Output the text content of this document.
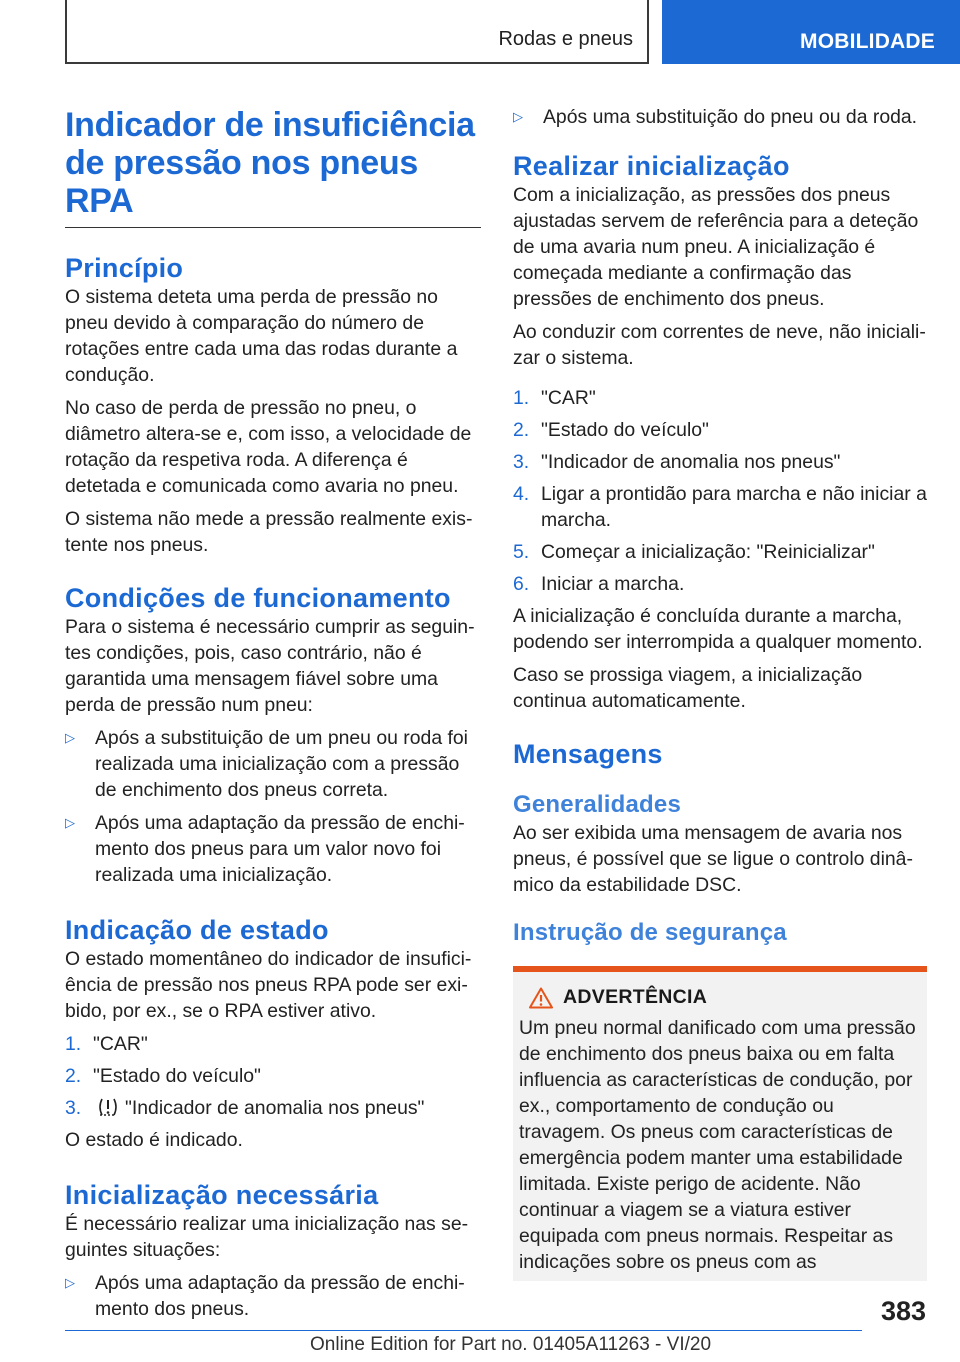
Rodas e pneus	MOBILIDADE
Indicador de insuficiência de pressão nos pneus RPA
Princípio

O sistema deteta uma perda de pressão no pneu devido à comparação do número de rotações entre cada uma das rodas durante a condução.

No caso de perda de pressão no pneu, o diâmetro altera-se e, com isso, a velocidade de rotação da respetiva roda. A diferença é detetada e comunicada como avaria no pneu.

O sistema não mede a pressão realmente existente nos pneus.

Condições de funcionamento

Para o sistema é necessário cumprir as seguintes condições, pois, caso contrário, não é garantida uma mensagem fiável sobre uma perda de pressão num pneu:

▷ Após a substituição de um pneu ou roda foi realizada uma inicialização com a pressão de enchimento dos pneus correta.
▷ Após uma adaptação da pressão de enchimento dos pneus para um valor novo foi realizada uma inicialização.
Indicação de estado

O estado momentâneo do indicador de insuficiência de pressão nos pneus RPA pode ser exibido, por ex., se o RPA estiver ativo.

1. "CAR"
2. "Estado do veículo"
3. "Indicador de anomalia nos pneus"

O estado é indicado.

Inicialização necessária

É necessário realizar uma inicialização nas seguintes situações:

▷ Após uma adaptação da pressão de enchimento dos pneus.
▷ Após uma substituição do pneu ou da roda.
Realizar inicialização

Com a inicialização, as pressões dos pneus ajustadas servem de referência para a deteção de uma avaria num pneu. A inicialização é começada mediante a confirmação das pressões de enchimento dos pneus.

Ao conduzir com correntes de neve, não inicializar o sistema.

1. "CAR"
2. "Estado do veículo"
3. "Indicador de anomalia nos pneus"
4. Ligar a prontidão para marcha e não iniciar a marcha.
5. Começar a inicialização: "Reinicializar"
6. Iniciar a marcha.

A inicialização é concluída durante a marcha, podendo ser interrompida a qualquer momento.

Caso se prossiga viagem, a inicialização continua automaticamente.

Mensagens
Generalidades

Ao ser exibida uma mensagem de avaria nos pneus, é possível que se ligue o controlo dinâmico da estabilidade DSC.

Instrução de segurança
ADVERTÊNCIA

Um pneu normal danificado com uma pressão de enchimento dos pneus baixa ou em falta influencia as características de condução, por ex., comportamento de condução ou travagem. Os pneus com características de emergência podem manter uma estabilidade limitada. Existe perigo de acidente. Não continuar a viagem se a viatura estiver equipada com pneus normais. Respeitar as indicações sobre os pneus com as

383
Online Edition for Part no. 01405A11263 - VI/20
